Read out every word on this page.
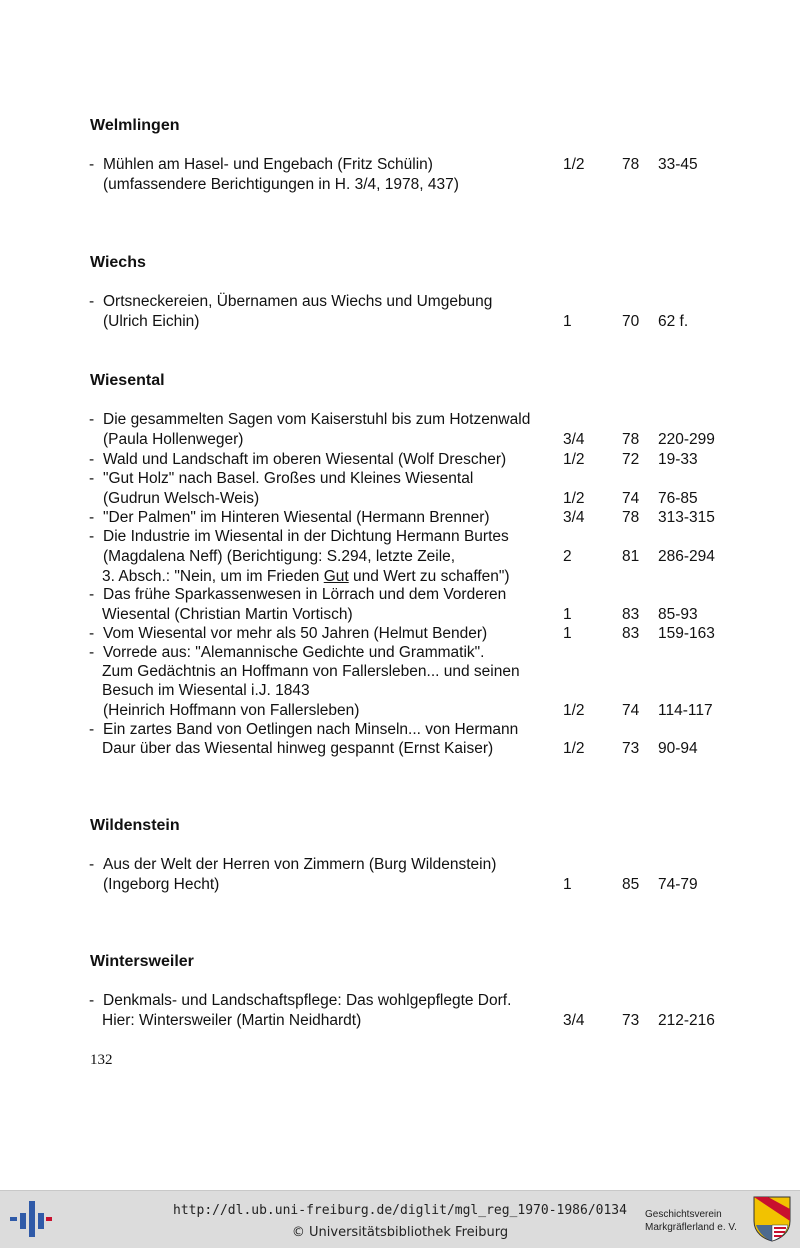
Welmlingen
- Mühlen am Hasel- und Engebach (Fritz Schülin)	1/2 78 33-45
(umfassendere Berichtigungen in H. 3/4, 1978, 437)
Wiechs
- Ortsneckereien, Übernamen aus Wiechs und Umgebung
(Ulrich Eichin)	1	70 62 f.
Wiesental
- Die gesammelten Sagen vom Kaiserstuhl bis zum Hotzenwald
(Paula Hollenweger)	3/4 78 220-299
- Wald und Landschaft im oberen Wiesental (Wolf Drescher)	1/2 72 19-33
- "Gut Holz" nach Basel. Großes und Kleines Wiesental
(Gudrun Welsch-Weis)	1/2 74 76-85
- "Der Palmen" im Hinteren Wiesental (Hermann Brenner)	3/4 78 313-315
- Die Industrie im Wiesental in der Dichtung Hermann Burtes
(Magdalena Neff) (Berichtigung: S.294, letzte Zeile,	2	81 286-294
3. Absch.: "Nein, um im Frieden Gut und Wert zu schaffen")
- Das frühe Sparkassenwesen in Lörrach und dem Vorderen
Wiesental (Christian Martin Vortisch)	1	83 85-93
- Vom Wiesental vor mehr als 50 Jahren (Helmut Bender)	1	83 159-163
- Vorrede aus: "Alemannische Gedichte und Grammatik".
Zum Gedächtnis an Hoffmann von Fallersleben... und seinen
Besuch im Wiesental i.J. 1843
(Heinrich Hoffmann von Fallersleben)	1/2 74 114-117
- Ein zartes Band von Oetlingen nach Minseln... von Hermann
Daur über das Wiesental hinweg gespannt (Ernst Kaiser)	1/2 73 90-94
Wildenstein
- Aus der Welt der Herren von Zimmern (Burg Wildenstein)
(Ingeborg Hecht)	1	85 74-79
Wintersweiler
- Denkmals- und Landschaftspflege: Das wohlgepflegte Dorf.
Hier: Wintersweiler (Martin Neidhardt)	3/4 73 212-216
132
http://dl.ub.uni-freiburg.de/diglit/mgl_reg_1970-1986/0134
© Universitätsbibliothek Freiburg
Geschichtsverein
Markgräflerland e. V.
